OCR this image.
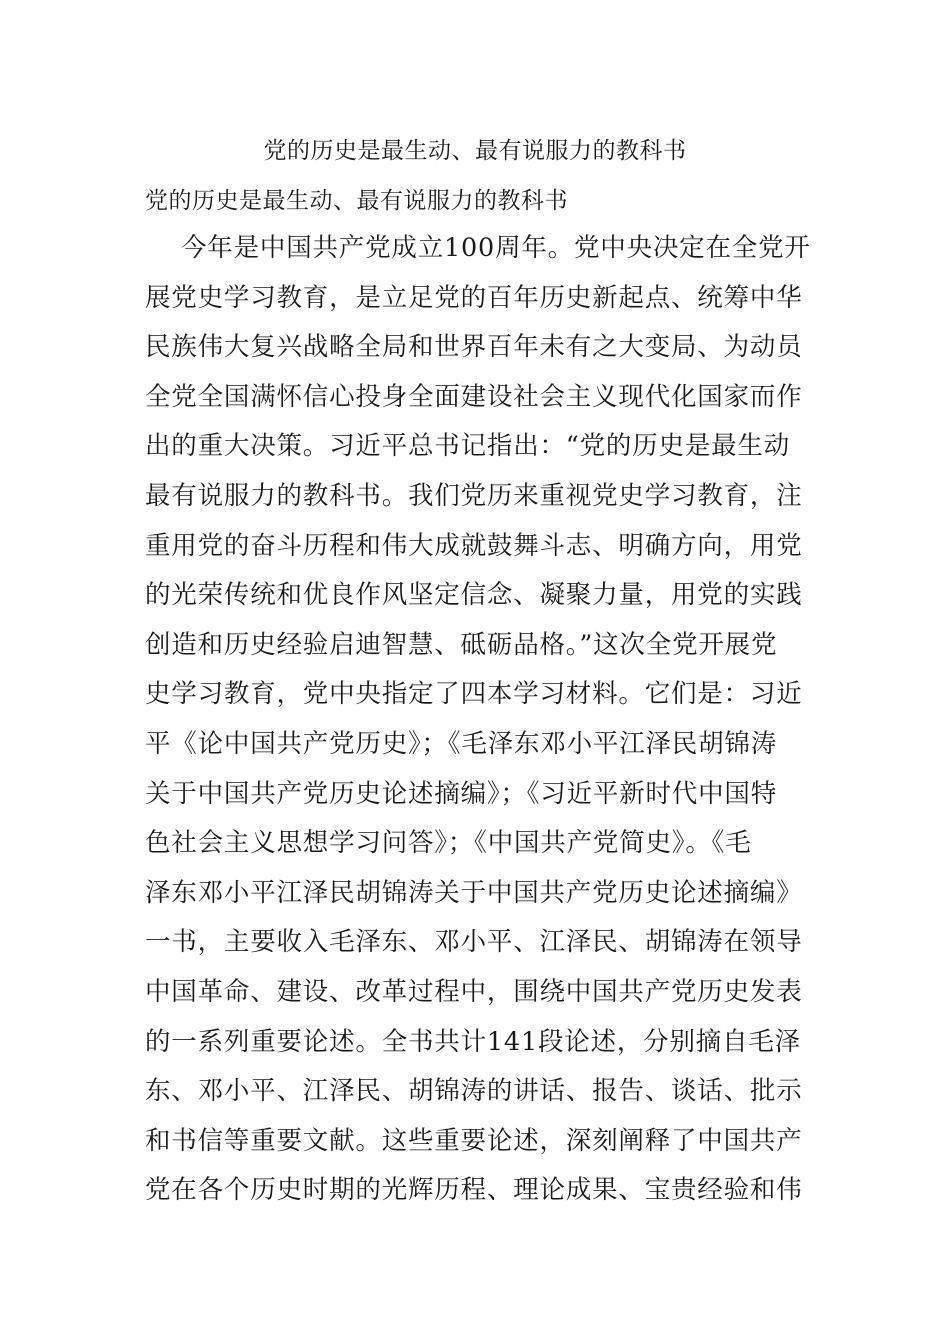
党的历史是最生动、最有说服力的教科书
党的历史是最生动、最有说服力的教科书
今年是中国共产党成立100周年。党中央决定在全党开
展党史学习教育，是立足党的百年历史新起点、统筹中华
民族伟大复兴战略全局和世界百年未有之大变局、为动员
全党全国满怀信心投身全面建设社会主义现代化国家而作
出的重大决策。习近平总书记指出：“党的历史是最生动
最有说服力的教科书。我们党历来重视党史学习教育，注
重用党的奋斗历程和伟大成就鼓舞斗志、明确方向，用党
的光荣传统和优良作风坚定信念、凝聚力量，用党的实践
创造和历史经验启迪智慧、砥砺品格。”这次全党开展党
史学习教育，党中央指定了四本学习材料。它们是：习近
平《论中国共产党历史》；《毛泽东邓小平江泽民胡锦涛
关于中国共产党历史论述摘编》；《习近平新时代中国特
色社会主义思想学习问答》；《中国共产党简史》。《毛
泽东邓小平江泽民胡锦涛关于中国共产党历史论述摘编》
一书，主要收入毛泽东、邓小平、江泽民、胡锦涛在领导
中国革命、建设、改革过程中，围绕中国共产党历史发表
的一系列重要论述。全书共计141段论述，分别摘自毛泽
东、邓小平、江泽民、胡锦涛的讲话、报告、谈话、批示
和书信等重要文献。这些重要论述，深刻阐释了中国共产
党在各个历史时期的光辉历程、理论成果、宝贵经验和伟
